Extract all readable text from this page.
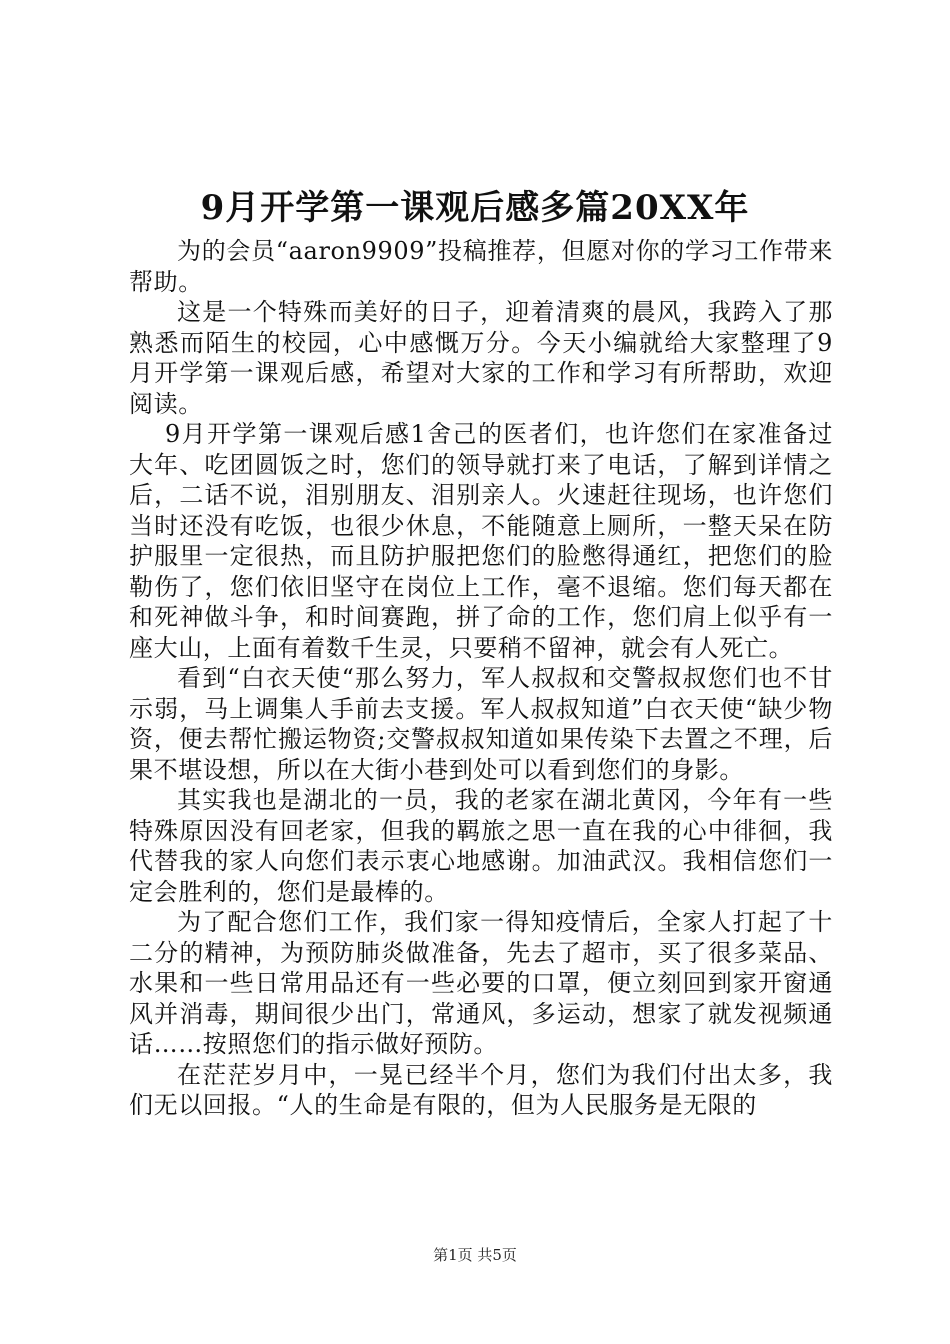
9月开学第一课观后感多篇20XX年

为的会员“aaron9909”投稿推荐，但愿对你的学习工作带来帮助。

这是一个特殊而美好的日子，迎着清爽的晨风，我跨入了那熟悉而陌生的校园，心中感慨万分。今天小编就给大家整理了9月开学第一课观后感，希望对大家的工作和学习有所帮助，欢迎阅读。

9月开学第一课观后感1舍己的医者们，也许您们在家准备过大年、吃团圆饭之时，您们的领导就打来了电话，了解到详情之后，二话不说，泪别朋友、泪别亲人。火速赶往现场，也许您们当时还没有吃饭，也很少休息，不能随意上厕所，一整天呆在防护服里一定很热，而且防护服把您们的脸憋得通红，把您们的脸勒伤了，您们依旧坚守在岗位上工作，毫不退缩。您们每天都在和死神做斗争，和时间赛跑，拼了命的工作，您们肩上似乎有一座大山，上面有着数千生灵，只要稍不留神，就会有人死亡。

看到“白衣天使“那么努力，军人叔叔和交警叔叔您们也不甘示弱，马上调集人手前去支援。军人叔叔知道”白衣天使“缺少物资，便去帮忙搬运物资;交警叔叔知道如果传染下去置之不理，后果不堪设想，所以在大街小巷到处可以看到您们的身影。

其实我也是湖北的一员，我的老家在湖北黄冈，今年有一些特殊原因没有回老家，但我的羁旅之思一直在我的心中徘徊，我代替我的家人向您们表示衷心地感谢。加油武汉。我相信您们一定会胜利的，您们是最棒的。

为了配合您们工作，我们家一得知疫情后，全家人打起了十二分的精神，为预防肺炎做准备，先去了超市，买了很多菜品、水果和一些日常用品还有一些必要的口罩，便立刻回到家开窗通风并消毒，期间很少出门，常通风，多运动，想家了就发视频通话……按照您们的指示做好预防。

在茫茫岁月中，一晃已经半个月，您们为我们付出太多，我们无以回报。“人的生命是有限的，但为人民服务是无限的

第1页 共5页
